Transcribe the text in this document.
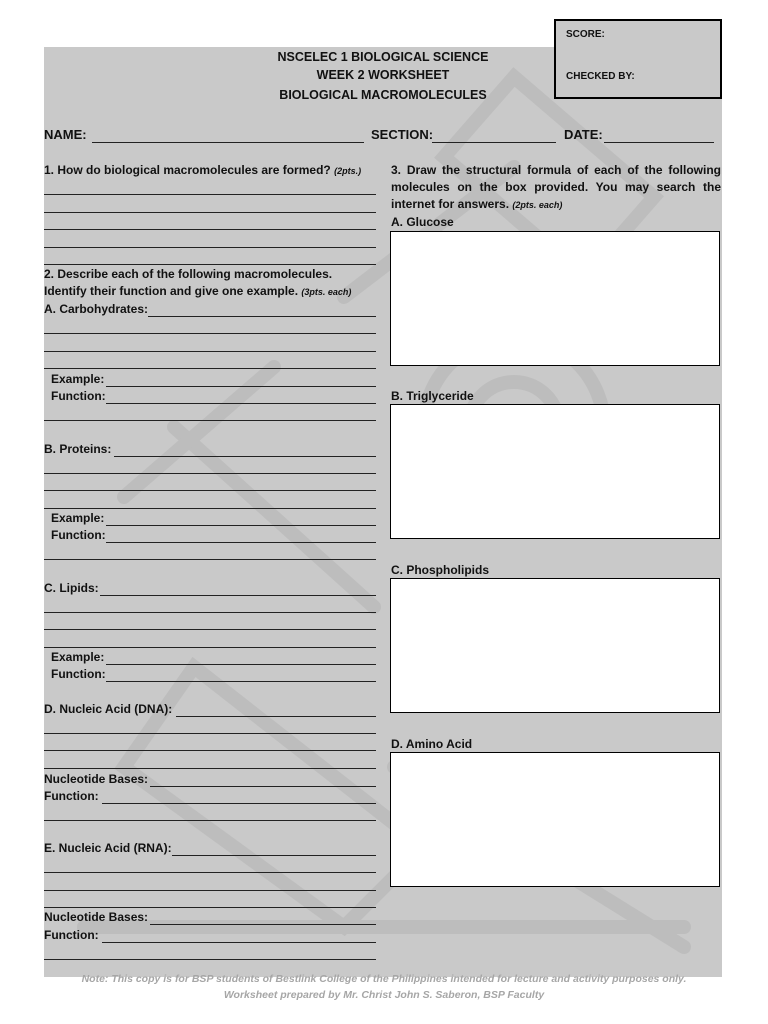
SCORE:
CHECKED BY:
NSCELEC 1 BIOLOGICAL SCIENCE
WEEK 2 WORKSHEET
BIOLOGICAL MACROMOLECULES
NAME:	SECTION:	DATE:
1. How do biological macromolecules are formed? (2pts.)
2. Describe each of the following macromolecules. Identify their function and give one example. (3pts. each)
A. Carbohydrates:
Example:
Function:
B. Proteins:
Example:
Function:
C. Lipids:
Example:
Function:
D. Nucleic Acid (DNA):
Nucleotide Bases:
Function:
E. Nucleic Acid (RNA):
Nucleotide Bases:
Function:
3. Draw the structural formula of each of the following molecules on the box provided. You may search the internet for answers. (2pts. each)
A. Glucose
B. Triglyceride
C. Phospholipids
D. Amino Acid
Note: This copy is for BSP students of Bestlink College of the Philippines intended for lecture and activity purposes only.
Worksheet prepared by Mr. Christ John S. Saberon, BSP Faculty
